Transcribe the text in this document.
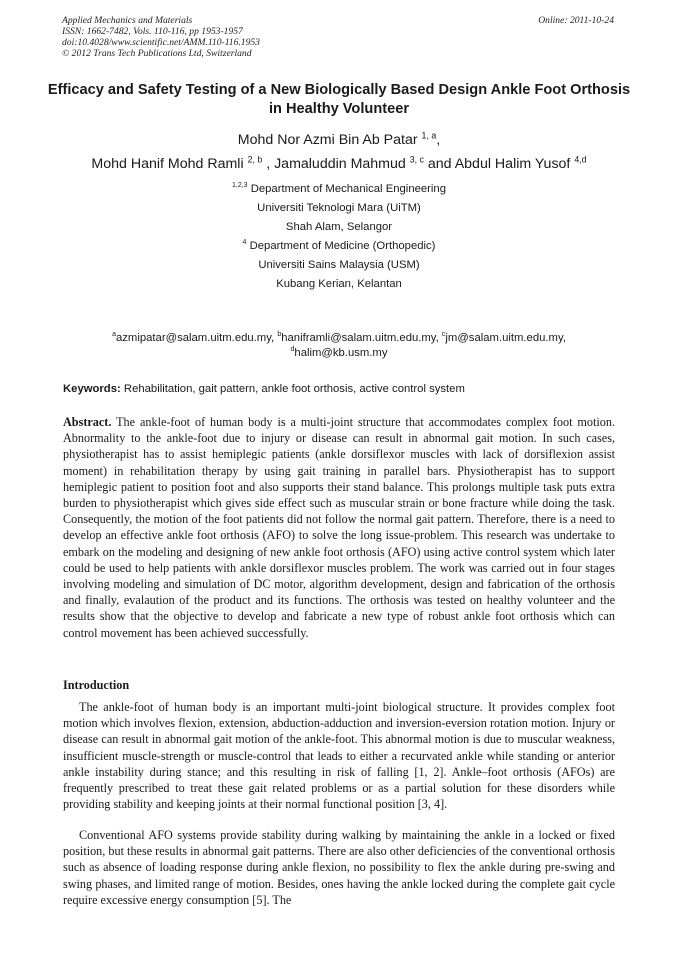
Applied Mechanics and Materials
ISSN: 1662-7482, Vols. 110-116, pp 1953-1957
doi:10.4028/www.scientific.net/AMM.110-116.1953
© 2012 Trans Tech Publications Ltd, Switzerland
Online: 2011-10-24
Efficacy and Safety Testing of a New Biologically Based Design Ankle Foot Orthosis in Healthy Volunteer
Mohd Nor Azmi Bin Ab Patar $^{1, a}$,
Mohd Hanif Mohd Ramli $^{2, b}$ , Jamaluddin Mahmud $^{3, c}$ and Abdul Halim Yusof $^{4,d}$
$^{1,2,3}$ Department of Mechanical Engineering
Universiti Teknologi Mara (UiTM)
Shah Alam, Selangor
$^4$ Department of Medicine (Orthopedic)
Universiti Sains Malaysia (USM)
Kubang Kerian, Kelantan
$^a$azmipatar@salam.uitm.edu.my, $^b$haniframli@salam.uitm.edu.my, $^c$jm@salam.uitm.edu.my,
$^d$halim@kb.usm.my
Keywords: Rehabilitation, gait pattern, ankle foot orthosis, active control system

Abstract. The ankle-foot of human body is a multi-joint structure that accommodates complex foot motion. Abnormality to the ankle-foot due to injury or disease can result in abnormal gait motion. In such cases, physiotherapist has to assist hemiplegic patients (ankle dorsiflexor muscles with lack of dorsiflexion assist moment) in rehabilitation therapy by using gait training in parallel bars. Physiotherapist has to support hemiplegic patient to position foot and also supports their stand balance. This prolongs multiple task puts extra burden to physiotherapist which gives side effect such as muscular strain or bone fracture while doing the task. Consequently, the motion of the foot patients did not follow the normal gait pattern. Therefore, there is a need to develop an effective ankle foot orthosis (AFO) to solve the long issue-problem. This research was undertake to embark on the modeling and designing of new ankle foot orthosis (AFO) using active control system which later could be used to help patients with ankle dorsiflexor muscles problem. The work was carried out in four stages involving modeling and simulation of DC motor, algorithm development, design and fabrication of the orthosis and finally, evalaution of the product and its functions. The orthosis was tested on healthy volunteer and the results show that the objective to develop and fabricate a new type of robust ankle foot orthosis which can control movement has been achieved successfully.

Introduction

The ankle-foot of human body is an important multi-joint biological structure. It provides complex foot motion which involves flexion, extension, abduction-adduction and inversion-eversion rotation motion. Injury or disease can result in abnormal gait motion of the ankle-foot. This abnormal motion is due to muscular weakness, insufficient muscle-strength or muscle-control that leads to either a recurvated ankle while standing or anterior ankle instability during stance; and this resulting in risk of falling [1, 2]. Ankle–foot orthosis (AFOs) are frequently prescribed to treat these gait related problems or as a partial solution for these disorders while providing stability and keeping joints at their normal functional position [3, 4].

Conventional AFO systems provide stability during walking by maintaining the ankle in a locked or fixed position, but these results in abnormal gait patterns. There are also other deficiencies of the conventional orthosis such as absence of loading response during ankle flexion, no possibility to flex the ankle during pre-swing and swing phases, and limited range of motion. Besides, ones having the ankle locked during the complete gait cycle require excessive energy consumption [5]. The
